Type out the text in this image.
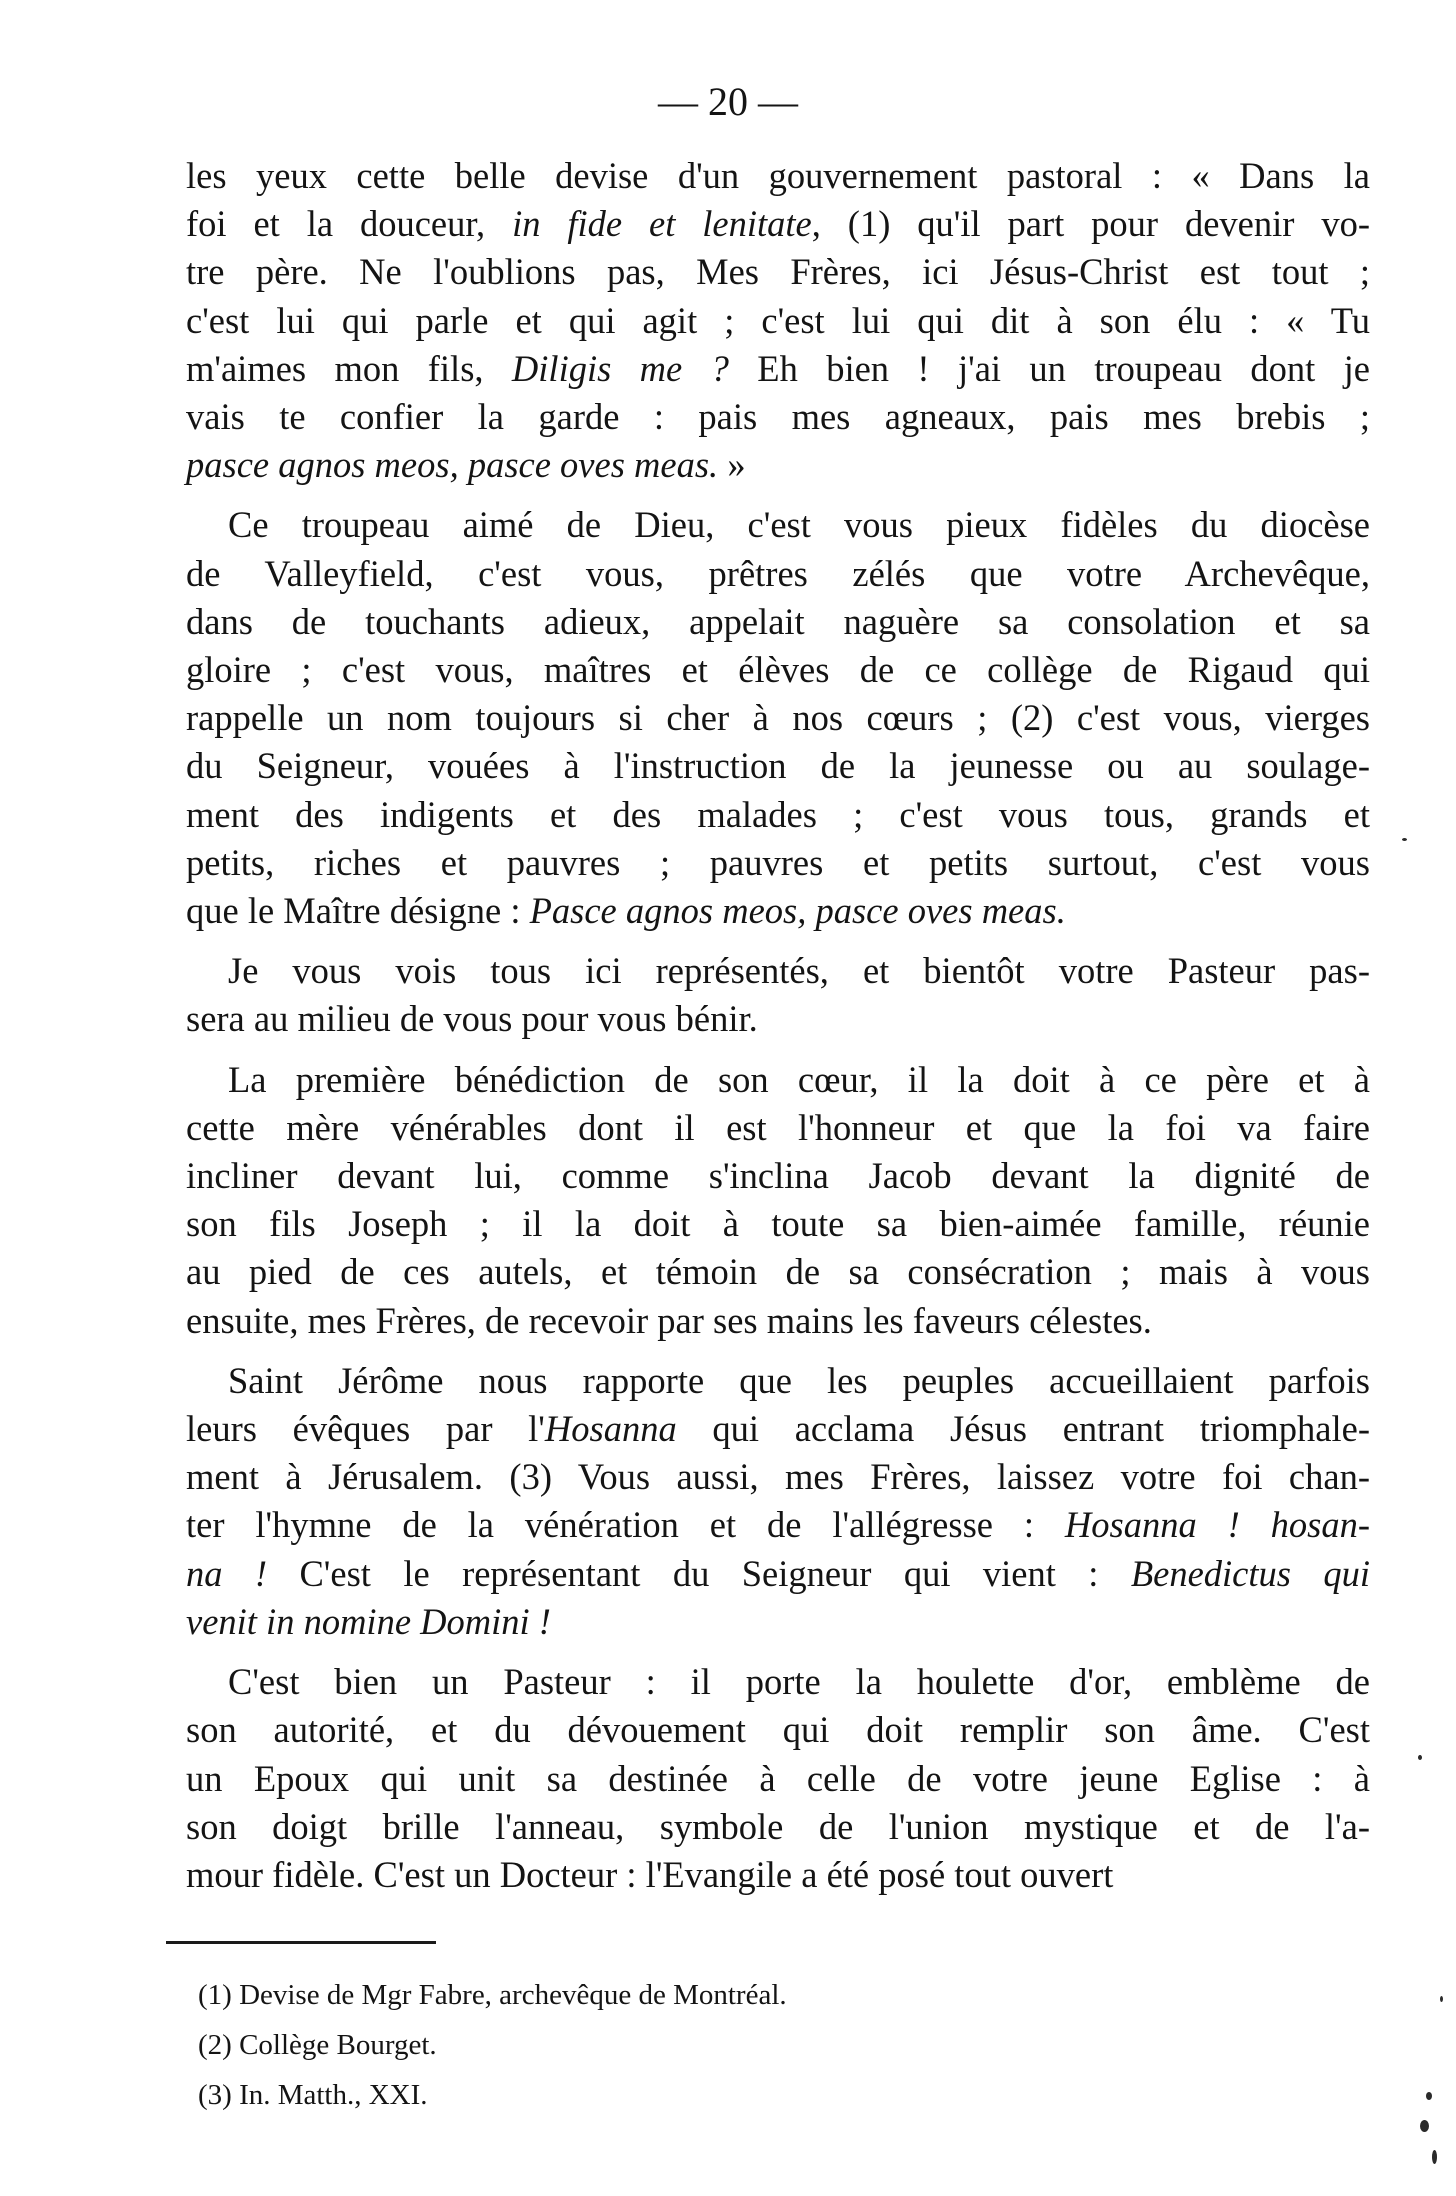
— 20 —

les yeux cette belle devise d'un gouvernement pastoral : « Dans la
foi et la douceur, in fide et lenitate, (1) qu'il part pour devenir vo-
tre père. Ne l'oublions pas, Mes Frères, ici Jésus-Christ est tout ;
c'est lui qui parle et qui agit ; c'est lui qui dit à son élu : « Tu
m'aimes mon fils, Diligis me ? Eh bien ! j'ai un troupeau dont je
vais te confier la garde : pais mes agneaux, pais mes brebis ;
pasce agnos meos, pasce oves meas. »

Ce troupeau aimé de Dieu, c'est vous pieux fidèles du diocèse
de Valleyfield, c'est vous, prêtres zélés que votre Archevêque,
dans de touchants adieux, appelait naguère sa consolation et sa
gloire ; c'est vous, maîtres et élèves de ce collège de Rigaud qui
rappelle un nom toujours si cher à nos cœurs ; (2) c'est vous, vierges
du Seigneur, vouées à l'instruction de la jeunesse ou au soulage-
ment des indigents et des malades ; c'est vous tous, grands et
petits, riches et pauvres ; pauvres et petits surtout, c'est vous
que le Maître désigne : Pasce agnos meos, pasce oves meas.

Je vous vois tous ici représentés, et bientôt votre Pasteur pas-
sera au milieu de vous pour vous bénir.

La première bénédiction de son cœur, il la doit à ce père et à
cette mère vénérables dont il est l'honneur et que la foi va faire
incliner devant lui, comme s'inclina Jacob devant la dignité de
son fils Joseph ; il la doit à toute sa bien-aimée famille, réunie
au pied de ces autels, et témoin de sa consécration ; mais à vous
ensuite, mes Frères, de recevoir par ses mains les faveurs célestes.

Saint Jérôme nous rapporte que les peuples accueillaient parfois
leurs évêques par l'Hosanna qui acclama Jésus entrant triomphale-
ment à Jérusalem. (3) Vous aussi, mes Frères, laissez votre foi chan-
ter l'hymne de la vénération et de l'allégresse : Hosanna ! hosan-
na ! C'est le représentant du Seigneur qui vient : Benedictus qui
venit in nomine Domini !

C'est bien un Pasteur : il porte la houlette d'or, emblème de
son autorité, et du dévouement qui doit remplir son âme. C'est
un Epoux qui unit sa destinée à celle de votre jeune Eglise : à
son doigt brille l'anneau, symbole de l'union mystique et de l'a-
mour fidèle. C'est un Docteur : l'Evangile a été posé tout ouvert

(1) Devise de Mgr Fabre, archevêque de Montréal.
(2) Collège Bourget.
(3) In. Matth., XXI.
